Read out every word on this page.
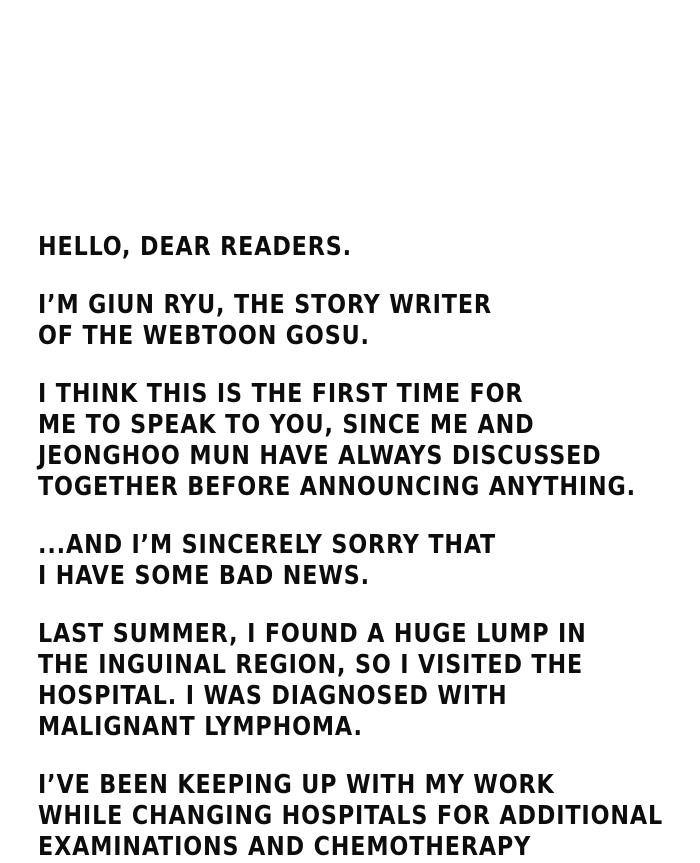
HELLO, DEAR READERS.

I’M GIUN RYU, THE STORY WRITER
OF THE WEBTOON GOSU.

I THINK THIS IS THE FIRST TIME FOR
ME TO SPEAK TO YOU, SINCE ME AND
JEONGHOO MUN HAVE ALWAYS DISCUSSED
TOGETHER BEFORE ANNOUNCING ANYTHING.

...AND I’M SINCERELY SORRY THAT
I HAVE SOME BAD NEWS.

LAST SUMMER, I FOUND A HUGE LUMP IN
THE INGUINAL REGION, SO I VISITED THE
HOSPITAL. I WAS DIAGNOSED WITH
MALIGNANT LYMPHOMA.

I’VE BEEN KEEPING UP WITH MY WORK
WHILE CHANGING HOSPITALS FOR ADDITIONAL
EXAMINATIONS AND CHEMOTHERAPY
